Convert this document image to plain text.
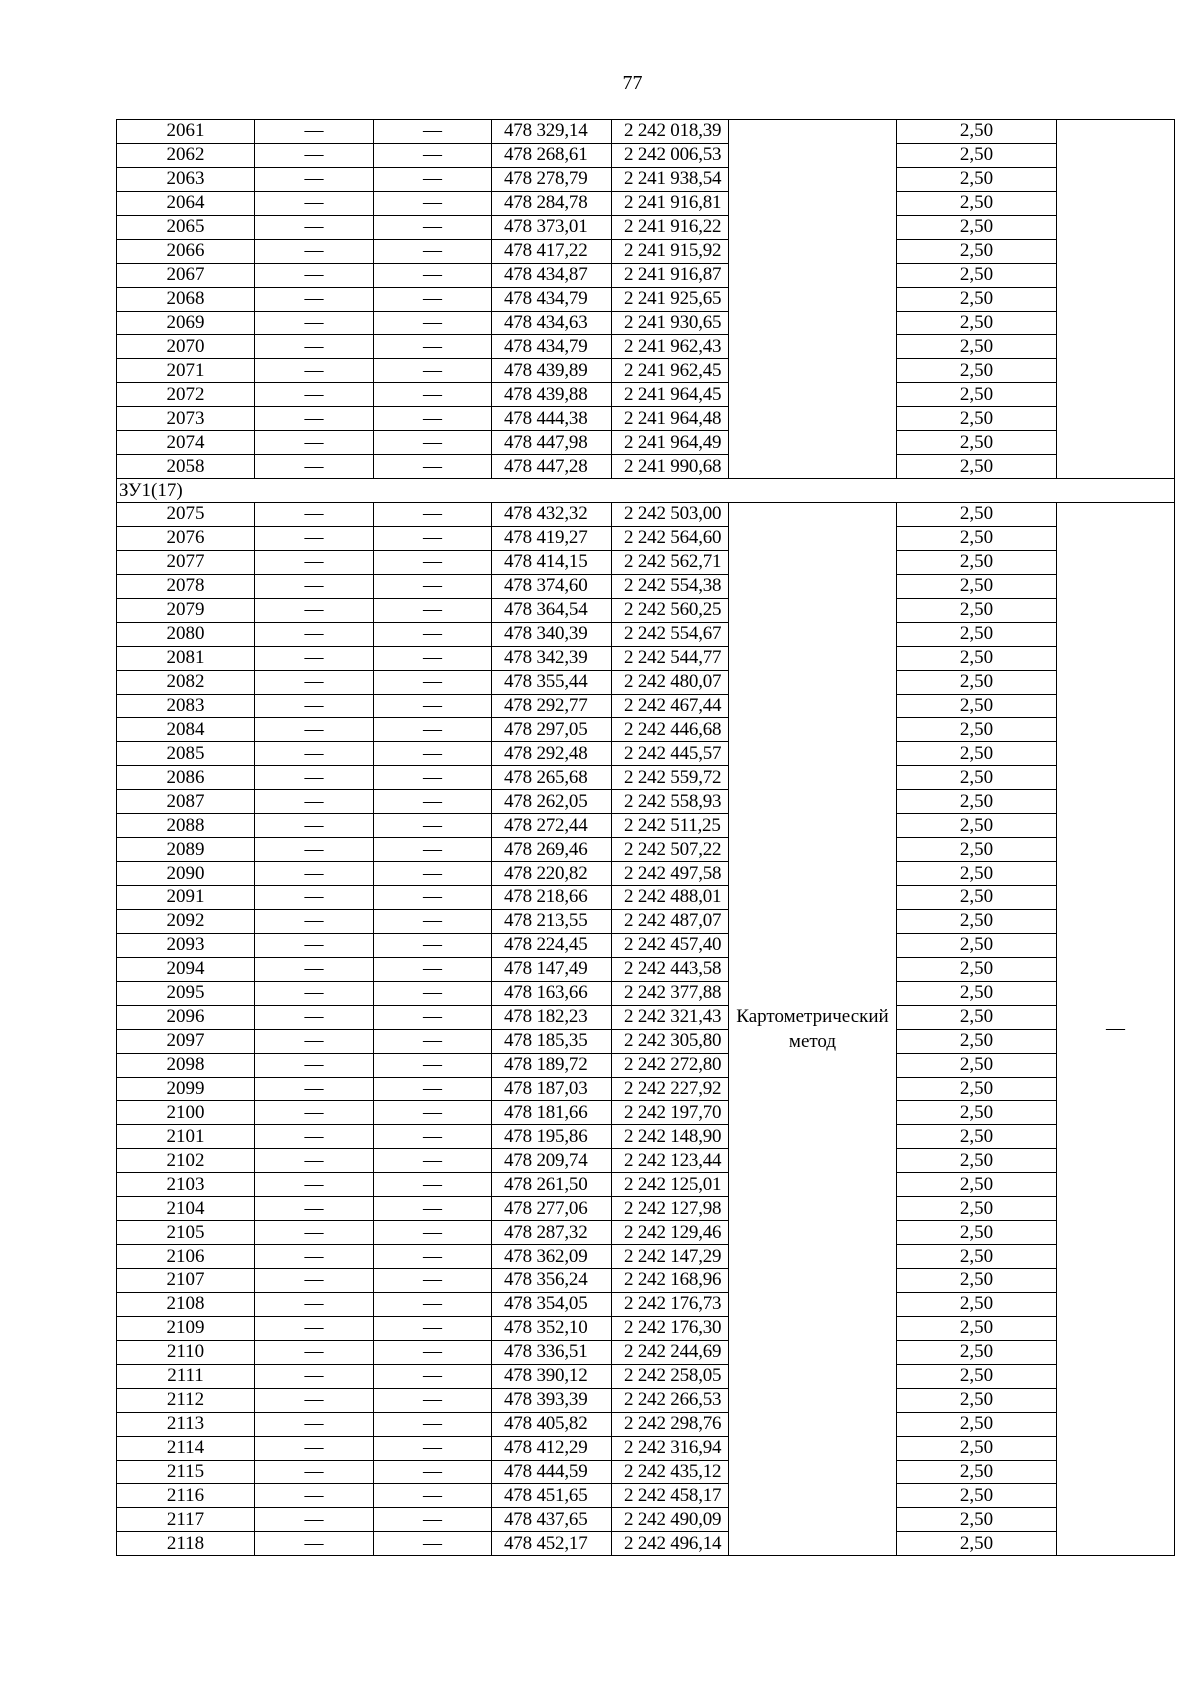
77
2061	—	—	478 329,14	2 242 018,39		2,50	
2062	—	—	478 268,61	2 242 006,53		2,50	
2063	—	—	478 278,79	2 241 938,54		2,50	
2064	—	—	478 284,78	2 241 916,81		2,50	
2065	—	—	478 373,01	2 241 916,22		2,50	
2066	—	—	478 417,22	2 241 915,92		2,50	
2067	—	—	478 434,87	2 241 916,87		2,50	
2068	—	—	478 434,79	2 241 925,65		2,50	
2069	—	—	478 434,63	2 241 930,65		2,50	
2070	—	—	478 434,79	2 241 962,43		2,50	
2071	—	—	478 439,89	2 241 962,45		2,50	
2072	—	—	478 439,88	2 241 964,45		2,50	
2073	—	—	478 444,38	2 241 964,48		2,50	
2074	—	—	478 447,98	2 241 964,49		2,50	
2058	—	—	478 447,28	2 241 990,68		2,50	
ЗУ1(17)							
2075	—	—	478 432,32	2 242 503,00	Картометрический метод	2,50	—
2076	—	—	478 419,27	2 242 564,60		2,50	
2077	—	—	478 414,15	2 242 562,71		2,50	
2078	—	—	478 374,60	2 242 554,38		2,50	
2079	—	—	478 364,54	2 242 560,25		2,50	
2080	—	—	478 340,39	2 242 554,67		2,50	
2081	—	—	478 342,39	2 242 544,77		2,50	
2082	—	—	478 355,44	2 242 480,07		2,50	
2083	—	—	478 292,77	2 242 467,44		2,50	
2084	—	—	478 297,05	2 242 446,68		2,50	
2085	—	—	478 292,48	2 242 445,57		2,50	
2086	—	—	478 265,68	2 242 559,72		2,50	
2087	—	—	478 262,05	2 242 558,93		2,50	
2088	—	—	478 272,44	2 242 511,25		2,50	
2089	—	—	478 269,46	2 242 507,22		2,50	
2090	—	—	478 220,82	2 242 497,58		2,50	
2091	—	—	478 218,66	2 242 488,01		2,50	
2092	—	—	478 213,55	2 242 487,07		2,50	
2093	—	—	478 224,45	2 242 457,40		2,50	
2094	—	—	478 147,49	2 242 443,58		2,50	
2095	—	—	478 163,66	2 242 377,88		2,50	
2096	—	—	478 182,23	2 242 321,43		2,50	
2097	—	—	478 185,35	2 242 305,80		2,50	
2098	—	—	478 189,72	2 242 272,80		2,50	
2099	—	—	478 187,03	2 242 227,92		2,50	
2100	—	—	478 181,66	2 242 197,70		2,50	
2101	—	—	478 195,86	2 242 148,90		2,50	
2102	—	—	478 209,74	2 242 123,44		2,50	
2103	—	—	478 261,50	2 242 125,01		2,50	
2104	—	—	478 277,06	2 242 127,98		2,50	
2105	—	—	478 287,32	2 242 129,46		2,50	
2106	—	—	478 362,09	2 242 147,29		2,50	
2107	—	—	478 356,24	2 242 168,96		2,50	
2108	—	—	478 354,05	2 242 176,73		2,50	
2109	—	—	478 352,10	2 242 176,30		2,50	
2110	—	—	478 336,51	2 242 244,69		2,50	
2111	—	—	478 390,12	2 242 258,05		2,50	
2112	—	—	478 393,39	2 242 266,53		2,50	
2113	—	—	478 405,82	2 242 298,76		2,50	
2114	—	—	478 412,29	2 242 316,94		2,50	
2115	—	—	478 444,59	2 242 435,12		2,50	
2116	—	—	478 451,65	2 242 458,17		2,50	
2117	—	—	478 437,65	2 242 490,09		2,50	
2118	—	—	478 452,17	2 242 496,14		2,50	
